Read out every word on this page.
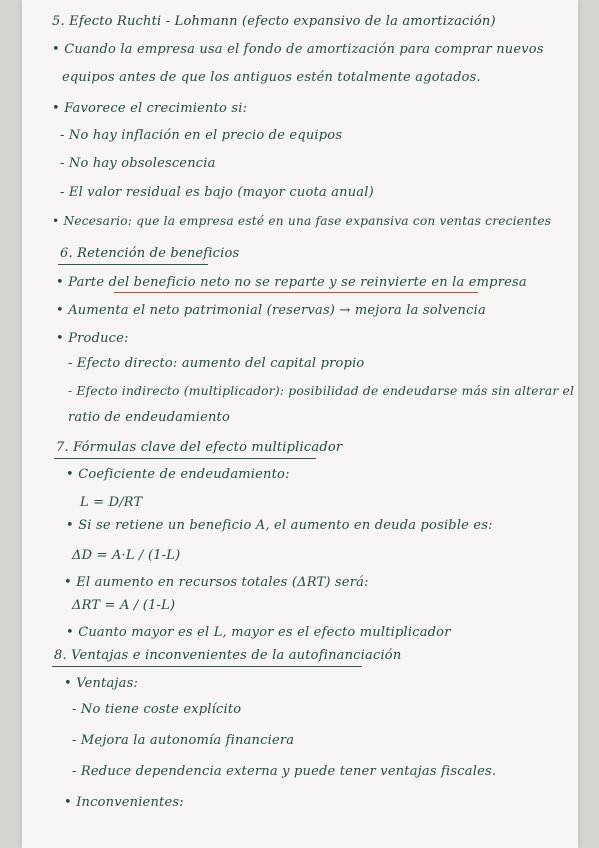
5. Efecto Ruchti - Lohmann (efecto expansivo de la amortización)
• Cuando la empresa usa el fondo de amortización para comprar nuevos
equipos antes de que los antiguos estén totalmente agotados.
• Favorece el crecimiento si:
- No hay inflación en el precio de equipos
- No hay obsolescencia
- El valor residual es bajo (mayor cuota anual)
• Necesario: que la empresa esté en una fase expansiva con ventas crecientes
6. Retención de beneficios
• Parte del beneficio neto no se reparte y se reinvierte en la empresa
• Aumenta el neto patrimonial (reservas) → mejora la solvencia
• Produce:
- Efecto directo: aumento del capital propio
- Efecto indirecto (multiplicador): posibilidad de endeudarse más sin alterar el
ratio de endeudamiento
7. Fórmulas clave del efecto multiplicador
• Coeficiente de endeudamiento:
L = D/RT
• Si se retiene un beneficio A, el aumento en deuda posible es:
ΔD = A·L / (1-L)
• El aumento en recursos totales (ΔRT) será:
ΔRT = A / (1-L)
• Cuanto mayor es el L, mayor es el efecto multiplicador
8. Ventajas e inconvenientes de la autofinanciación
• Ventajas:
- No tiene coste explícito
- Mejora la autonomía financiera
- Reduce dependencia externa y puede tener ventajas fiscales.
• Inconvenientes:
